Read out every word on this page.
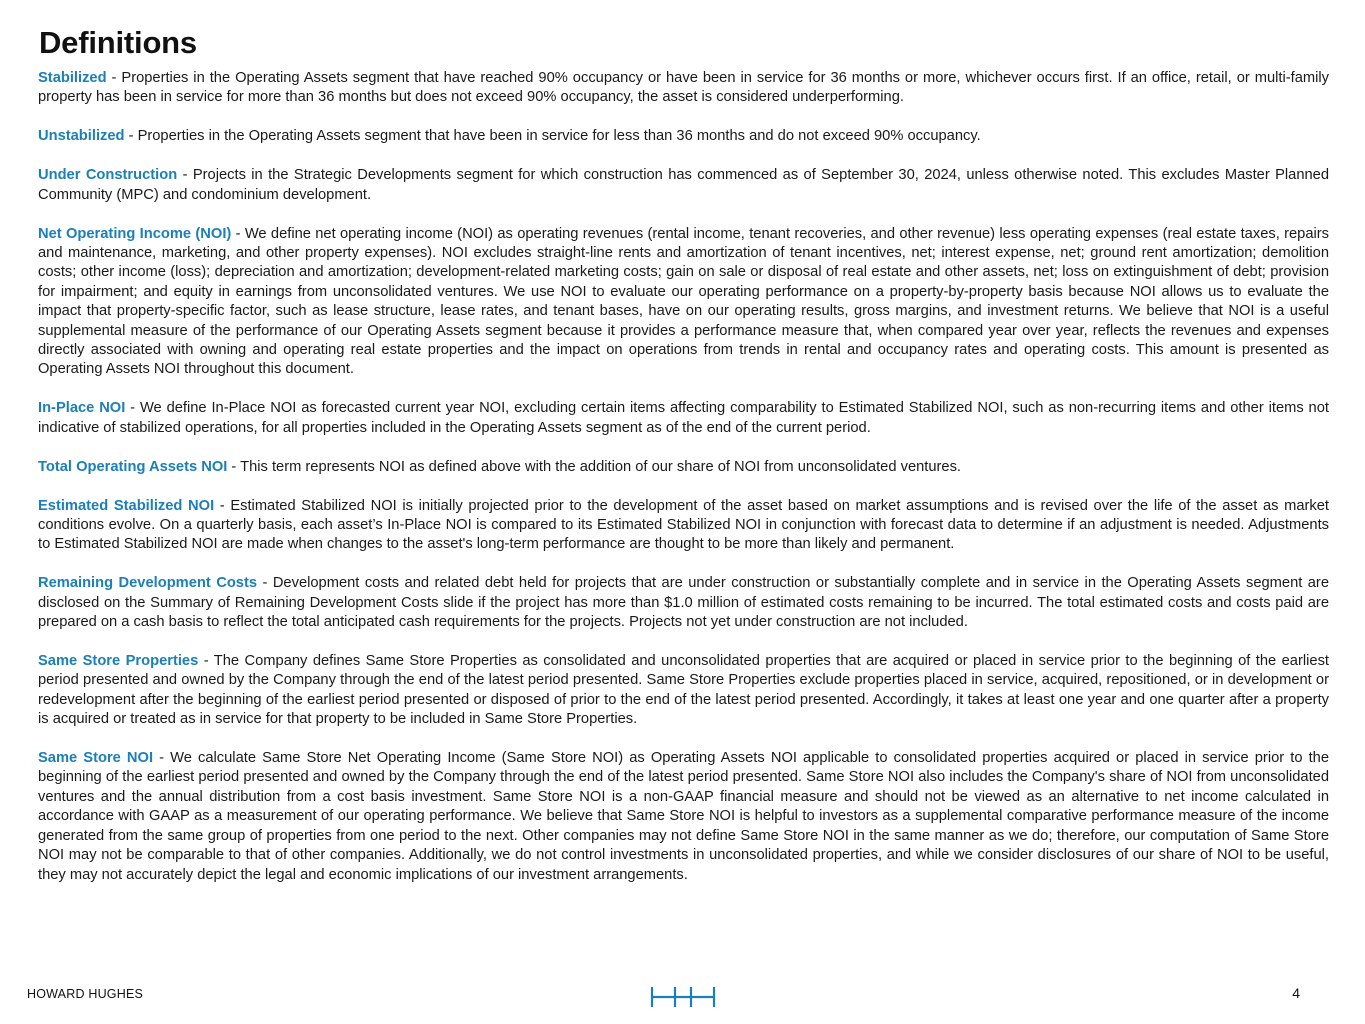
Definitions

Stabilized - Properties in the Operating Assets segment that have reached 90% occupancy or have been in service for 36 months or more, whichever occurs first. If an office, retail, or multi-family property has been in service for more than 36 months but does not exceed 90% occupancy, the asset is considered underperforming.

Unstabilized - Properties in the Operating Assets segment that have been in service for less than 36 months and do not exceed 90% occupancy.

Under Construction - Projects in the Strategic Developments segment for which construction has commenced as of September 30, 2024, unless otherwise noted. This excludes Master Planned Community (MPC) and condominium development.

Net Operating Income (NOI) - We define net operating income (NOI) as operating revenues (rental income, tenant recoveries, and other revenue) less operating expenses (real estate taxes, repairs and maintenance, marketing, and other property expenses). NOI excludes straight-line rents and amortization of tenant incentives, net; interest expense, net; ground rent amortization; demolition costs; other income (loss); depreciation and amortization; development-related marketing costs; gain on sale or disposal of real estate and other assets, net; loss on extinguishment of debt; provision for impairment; and equity in earnings from unconsolidated ventures. We use NOI to evaluate our operating performance on a property-by-property basis because NOI allows us to evaluate the impact that property-specific factor, such as lease structure, lease rates, and tenant bases, have on our operating results, gross margins, and investment returns. We believe that NOI is a useful supplemental measure of the performance of our Operating Assets segment because it provides a performance measure that, when compared year over year, reflects the revenues and expenses directly associated with owning and operating real estate properties and the impact on operations from trends in rental and occupancy rates and operating costs. This amount is presented as Operating Assets NOI throughout this document.

In-Place NOI - We define In-Place NOI as forecasted current year NOI, excluding certain items affecting comparability to Estimated Stabilized NOI, such as non-recurring items and other items not indicative of stabilized operations, for all properties included in the Operating Assets segment as of the end of the current period.

Total Operating Assets NOI - This term represents NOI as defined above with the addition of our share of NOI from unconsolidated ventures.

Estimated Stabilized NOI - Estimated Stabilized NOI is initially projected prior to the development of the asset based on market assumptions and is revised over the life of the asset as market conditions evolve. On a quarterly basis, each asset’s In-Place NOI is compared to its Estimated Stabilized NOI in conjunction with forecast data to determine if an adjustment is needed. Adjustments to Estimated Stabilized NOI are made when changes to the asset's long-term performance are thought to be more than likely and permanent.

Remaining Development Costs - Development costs and related debt held for projects that are under construction or substantially complete and in service in the Operating Assets segment are disclosed on the Summary of Remaining Development Costs slide if the project has more than $1.0 million of estimated costs remaining to be incurred. The total estimated costs and costs paid are prepared on a cash basis to reflect the total anticipated cash requirements for the projects. Projects not yet under construction are not included.

Same Store Properties - The Company defines Same Store Properties as consolidated and unconsolidated properties that are acquired or placed in service prior to the beginning of the earliest period presented and owned by the Company through the end of the latest period presented. Same Store Properties exclude properties placed in service, acquired, repositioned, or in development or redevelopment after the beginning of the earliest period presented or disposed of prior to the end of the latest period presented. Accordingly, it takes at least one year and one quarter after a property is acquired or treated as in service for that property to be included in Same Store Properties.

Same Store NOI - We calculate Same Store Net Operating Income (Same Store NOI) as Operating Assets NOI applicable to consolidated properties acquired or placed in service prior to the beginning of the earliest period presented and owned by the Company through the end of the latest period presented. Same Store NOI also includes the Company's share of NOI from unconsolidated ventures and the annual distribution from a cost basis investment. Same Store NOI is a non-GAAP financial measure and should not be viewed as an alternative to net income calculated in accordance with GAAP as a measurement of our operating performance. We believe that Same Store NOI is helpful to investors as a supplemental comparative performance measure of the income generated from the same group of properties from one period to the next. Other companies may not define Same Store NOI in the same manner as we do; therefore, our computation of Same Store NOI may not be comparable to that of other companies. Additionally, we do not control investments in unconsolidated properties, and while we consider disclosures of our share of NOI to be useful, they may not accurately depict the legal and economic implications of our investment arrangements.

HOWARD HUGHES	4
